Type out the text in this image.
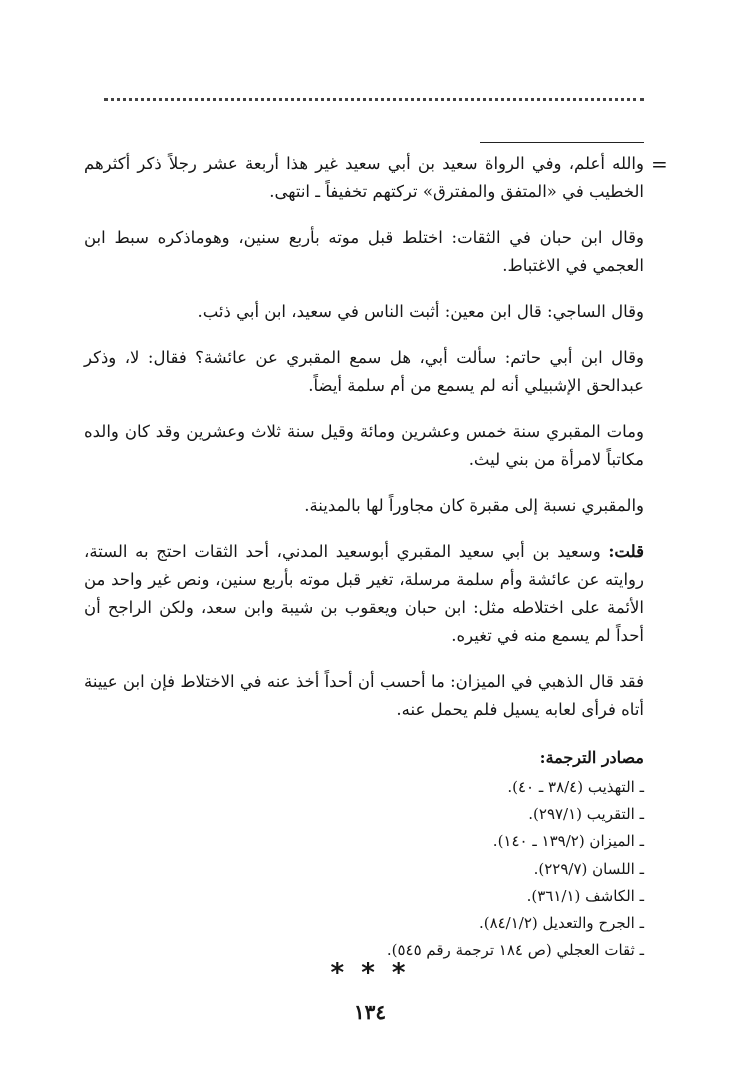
=

والله أعلم، وفي الرواة سعيد بن أبي سعيد غير هذا أربعة عشر رجلاً ذكر أكثرهم الخطيب في «المتفق والمفترق» تركتهم تخفيفاً ـ انتهى.

وقال ابن حبان في الثقات: اختلط قبل موته بأربع سنين، وهوماذكره سبط ابن العجمي في الاغتباط.

وقال الساجي: قال ابن معين: أثبت الناس في سعيد، ابن أبي ذئب.

وقال ابن أبي حاتم: سألت أبي، هل سمع المقبري عن عائشة؟ فقال: لا، وذكر عبدالحق الإشبيلي أنه لم يسمع من أم سلمة أيضاً.

ومات المقبري سنة خمس وعشرين ومائة وقيل سنة ثلاث وعشرين وقد كان والده مكاتباً لامرأة من بني ليث.

والمقبري نسبة إلى مقبرة كان مجاوراً لها بالمدينة.

قلت: وسعيد بن أبي سعيد المقبري أبوسعيد المدني، أحد الثقات احتج به الستة، روايته عن عائشة وأم سلمة مرسلة، تغير قبل موته بأربع سنين، ونص غير واحد من الأئمة على اختلاطه مثل: ابن حبان ويعقوب بن شيبة وابن سعد، ولكن الراجح أن أحداً لم يسمع منه في تغيره.

فقد قال الذهبي في الميزان: ما أحسب أن أحداً أخذ عنه في الاختلاط فإن ابن عيينة أتاه فرأى لعابه يسيل فلم يحمل عنه.

مصادر الترجمة:
ـ التهذيب (٣٨/٤ ـ ٤٠).
ـ التقريب (٢٩٧/١).
ـ الميزان (١٣٩/٢ ـ ١٤٠).
ـ اللسان (٢٢٩/٧).
ـ الكاشف (٣٦١/١).
ـ الجرح والتعديل (٨٤/١/٢).
ـ ثقات العجلي (ص ١٨٤ ترجمة رقم ٥٤٥).
* * *
١٣٤
